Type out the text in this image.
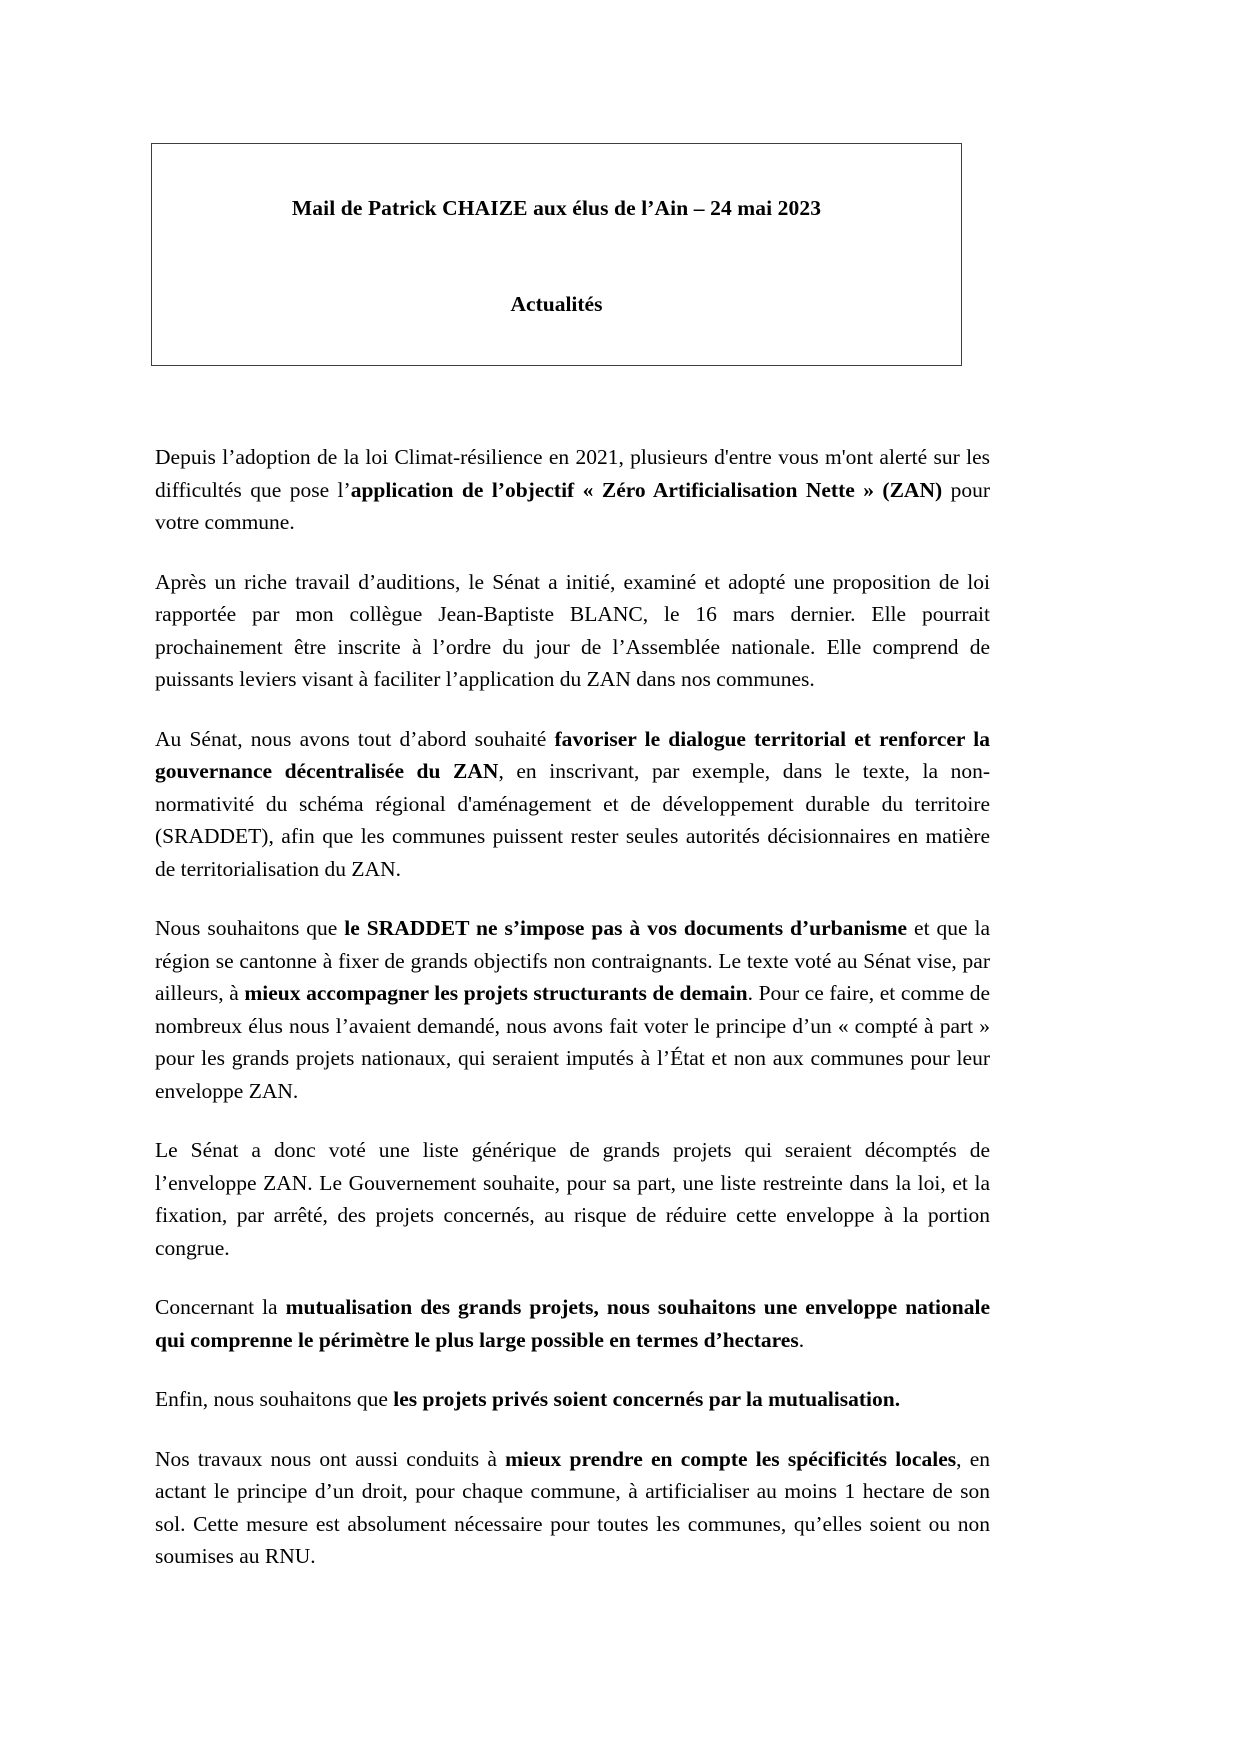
Mail de Patrick CHAIZE aux élus de l’Ain – 24 mai 2023
Actualités

Depuis l’adoption de la loi Climat-résilience en 2021, plusieurs d'entre vous m'ont alerté sur les difficultés que pose l’application de l’objectif « Zéro Artificialisation Nette » (ZAN) pour votre commune.

Après un riche travail d’auditions, le Sénat a initié, examiné et adopté une proposition de loi rapportée par mon collègue Jean-Baptiste BLANC, le 16 mars dernier. Elle pourrait prochainement être inscrite à l’ordre du jour de l’Assemblée nationale. Elle comprend de puissants leviers visant à faciliter l’application du ZAN dans nos communes.

Au Sénat, nous avons tout d’abord souhaité favoriser le dialogue territorial et renforcer la gouvernance décentralisée du ZAN, en inscrivant, par exemple, dans le texte, la non-normativité du schéma régional d'aménagement et de développement durable du territoire (SRADDET), afin que les communes puissent rester seules autorités décisionnaires en matière de territorialisation du ZAN.

Nous souhaitons que le SRADDET ne s’impose pas à vos documents d’urbanisme et que la région se cantonne à fixer de grands objectifs non contraignants. Le texte voté au Sénat vise, par ailleurs, à mieux accompagner les projets structurants de demain. Pour ce faire, et comme de nombreux élus nous l’avaient demandé, nous avons fait voter le principe d’un « compté à part » pour les grands projets nationaux, qui seraient imputés à l’État et non aux communes pour leur enveloppe ZAN.

Le Sénat a donc voté une liste générique de grands projets qui seraient décomptés de l’enveloppe ZAN. Le Gouvernement souhaite, pour sa part, une liste restreinte dans la loi, et la fixation, par arrêté, des projets concernés, au risque de réduire cette enveloppe à la portion congrue.

Concernant la mutualisation des grands projets, nous souhaitons une enveloppe nationale qui comprenne le périmètre le plus large possible en termes d’hectares.

Enfin, nous souhaitons que les projets privés soient concernés par la mutualisation.

Nos travaux nous ont aussi conduits à mieux prendre en compte les spécificités locales, en actant le principe d’un droit, pour chaque commune, à artificialiser au moins 1 hectare de son sol. Cette mesure est absolument nécessaire pour toutes les communes, qu’elles soient ou non soumises au RNU.
